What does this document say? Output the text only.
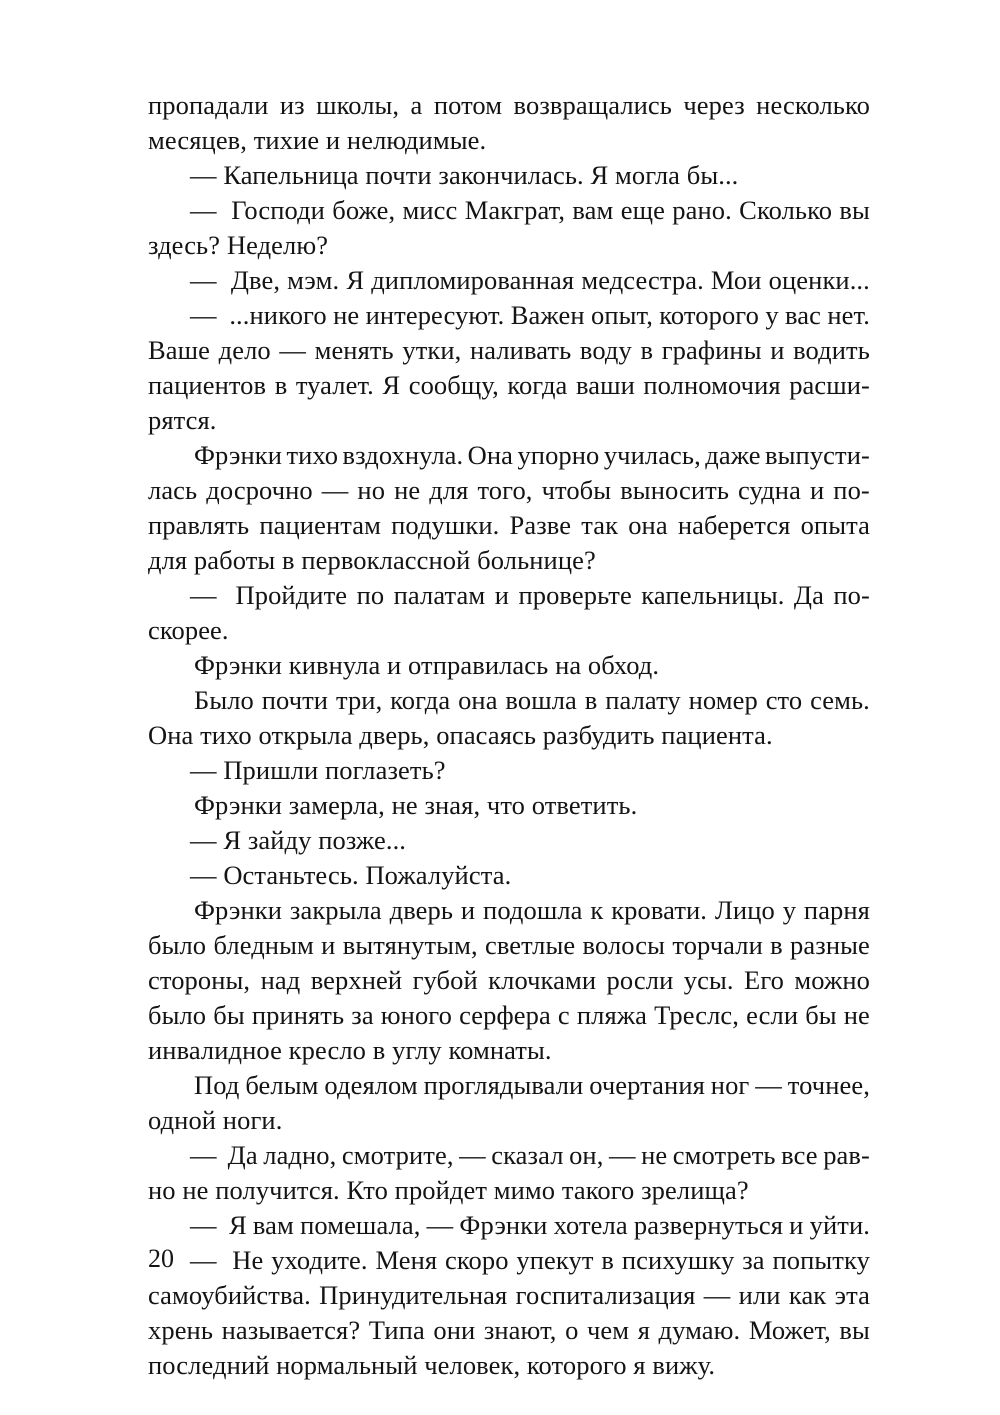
пропадали из школы, а потом возвращались через несколько
месяцев, тихие и нелюдимые.
— Капельница почти закончилась. Я могла бы...
— Господи боже, мисс Макграт, вам еще рано. Сколько вы
здесь? Неделю?
— Две, мэм. Я дипломированная медсестра. Мои оценки...
— ...никого не интересуют. Важен опыт, которого у вас нет.
Ваше дело — менять утки, наливать воду в графины и водить
пациентов в туалет. Я сообщу, когда ваши полномочия расши-
рятся.
Фрэнки тихо вздохнула. Она упорно училась, даже выпусти-
лась досрочно — но не для того, чтобы выносить судна и по-
правлять пациентам подушки. Разве так она наберется опыта
для работы в первоклассной больнице?
— Пройдите по палатам и проверьте капельницы. Да по-
скорее.
Фрэнки кивнула и отправилась на обход.
Было почти три, когда она вошла в палату номер сто семь.
Она тихо открыла дверь, опасаясь разбудить пациента.
— Пришли поглазеть?
Фрэнки замерла, не зная, что ответить.
— Я зайду позже...
— Останьтесь. Пожалуйста.
Фрэнки закрыла дверь и подошла к кровати. Лицо у парня
было бледным и вытянутым, светлые волосы торчали в разные
стороны, над верхней губой клочками росли усы. Его можно
было бы принять за юного серфера с пляжа Треслс, если бы не
инвалидное кресло в углу комнаты.
Под белым одеялом проглядывали очертания ног — точнее,
одной ноги.
— Да ладно, смотрите, — сказал он, — не смотреть все рав-
но не получится. Кто пройдет мимо такого зрелища?
— Я вам помешала, — Фрэнки хотела развернуться и уйти.
— Не уходите. Меня скоро упекут в психушку за попытку
самоубийства. Принудительная госпитализация — или как эта
хрень называется? Типа они знают, о чем я думаю. Может, вы
последний нормальный человек, которого я вижу.
20
